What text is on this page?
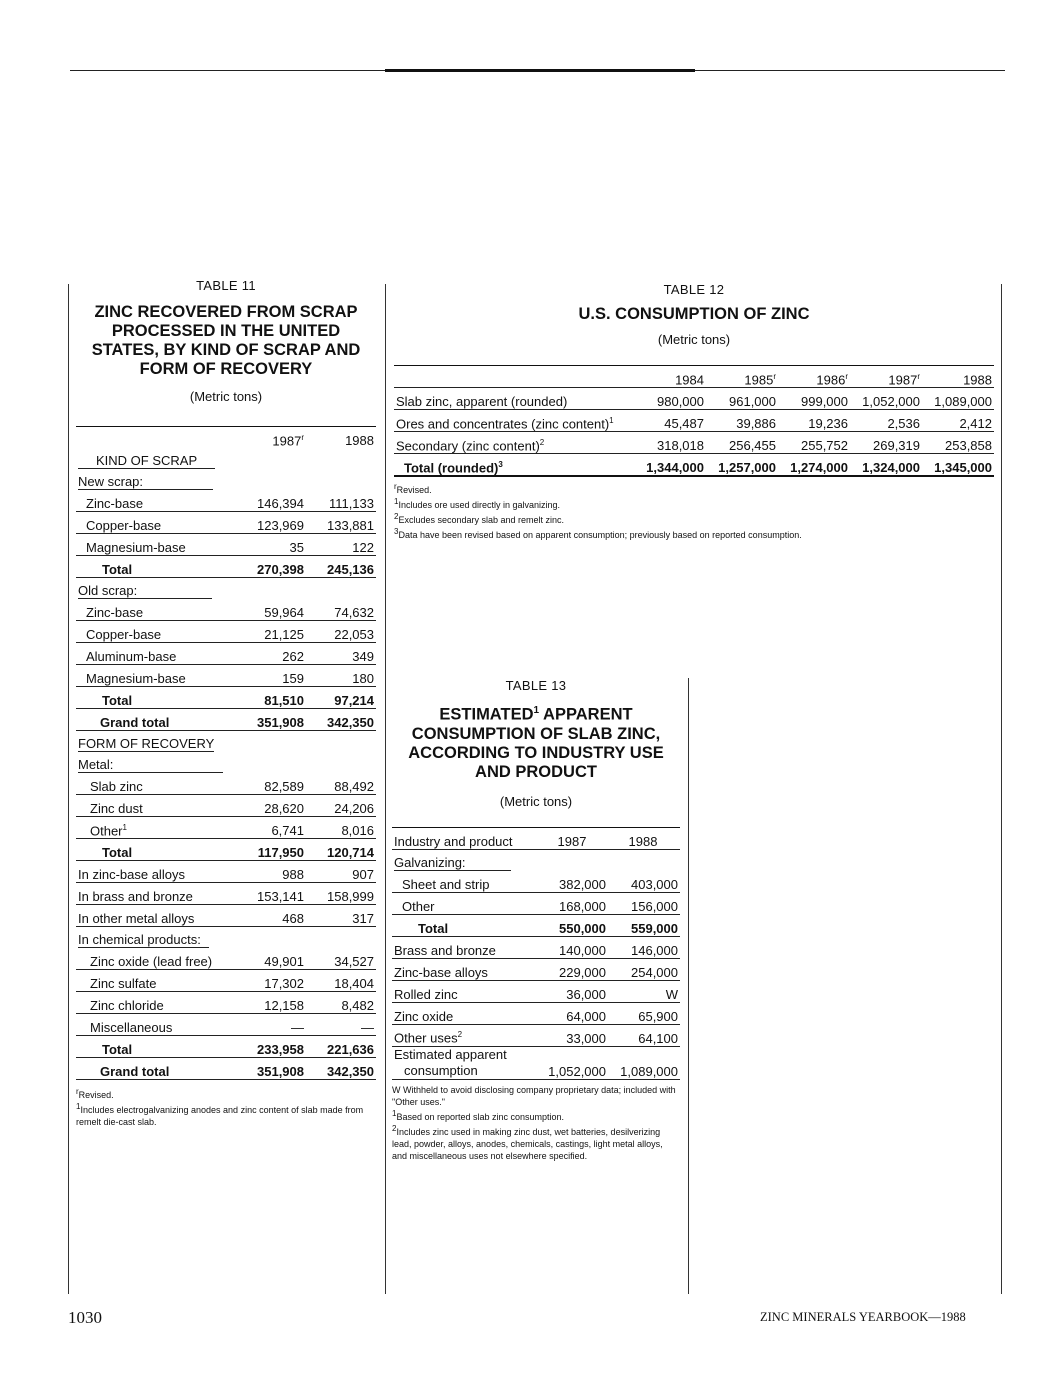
TABLE 11
ZINC RECOVERED FROM SCRAP PROCESSED IN THE UNITED STATES, BY KIND OF SCRAP AND FORM OF RECOVERY
(Metric tons)
	1987$^r$	1988
KIND OF SCRAP		
New scrap:		
Zinc-base	146,394	111,133
Copper-base	123,969	133,881
Magnesium-base	35	122
Total	270,398	245,136
Old scrap:		
Zinc-base	59,964	74,632
Copper-base	21,125	22,053
Aluminum-base	262	349
Magnesium-base	159	180
Total	81,510	97,214
Grand total	351,908	342,350
FORM OF RECOVERY		
Metal:		
Slab zinc	82,589	88,492
Zinc dust	28,620	24,206
Other$^1$	6,741	8,016
Total	117,950	120,714
In zinc-base alloys	988	907
In brass and bronze	153,141	158,999
In other metal alloys	468	317
In chemical products:		
Zinc oxide (lead free)	49,901	34,527
Zinc sulfate	17,302	18,404
Zinc chloride	12,158	8,482
Miscellaneous	—	—
Total	233,958	221,636
Grand total	351,908	342,350
$^r$Revised.
$^1$Includes electrogalvanizing anodes and zinc content of slab made from remelt die-cast slab.
TABLE 12
U.S. CONSUMPTION OF ZINC
(Metric tons)
	1984	1985$^r$	1986$^r$	1987$^r$	1988
Slab zinc, apparent (rounded)	980,000	961,000	999,000	1,052,000	1,089,000
Ores and concentrates (zinc content)$^1$	45,487	39,886	19,236	2,536	2,412
Secondary (zinc content)$^2$	318,018	256,455	255,752	269,319	253,858
Total (rounded)$^3$	1,344,000	1,257,000	1,274,000	1,324,000	1,345,000
$^r$Revised.
$^1$Includes ore used directly in galvanizing.
$^2$Excludes secondary slab and remelt zinc.
$^3$Data have been revised based on apparent consumption; previously based on reported consumption.
TABLE 13
ESTIMATED$^1$ APPARENT CONSUMPTION OF SLAB ZINC, ACCORDING TO INDUSTRY USE AND PRODUCT
(Metric tons)
Industry and product	1987	1988
Galvanizing:		
Sheet and strip	382,000	403,000
Other	168,000	156,000
Total	550,000	559,000
Brass and bronze	140,000	146,000
Zinc-base alloys	229,000	254,000
Rolled zinc	36,000	W
Zinc oxide	64,000	65,900
Other uses$^2$	33,000	64,100

Estimated apparent
consumption	1,052,000	1,089,000
W Withheld to avoid disclosing company proprietary data; included with "Other uses."
$^1$Based on reported slab zinc consumption.
$^2$Includes zinc used in making zinc dust, wet batteries, desilverizing lead, powder, alloys, anodes, chemicals, castings, light metal alloys, and miscellaneous uses not elsewhere specified.
1030	ZINC MINERALS YEARBOOK—1988
